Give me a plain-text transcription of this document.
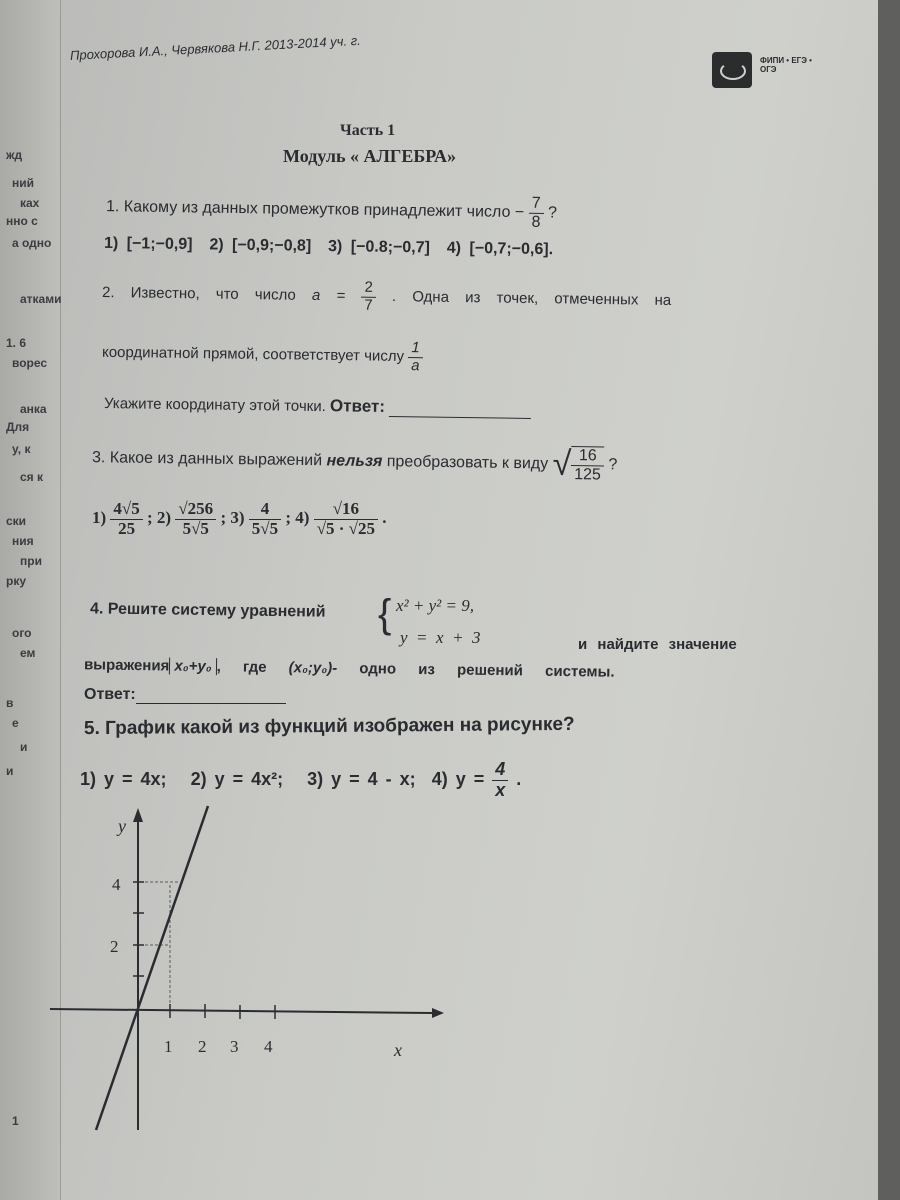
жд
ний
ках
нно с
а одно
атками
1. 6
ворес
анка
Для
у, к
ся к
ски
ния
при
рку
ого
ем
в
е
и
и
1
Прохорова И.А., Червякова Н.Г. 2013-2014 уч. г.	ФИПИ • ЕГЭ • ОГЭ
Часть 1
Модуль « АЛГЕБРА»
1. Какому из данных промежутков принадлежит число − $\frac{7}{8}$ ?
1) [−1;−0,9] 2) [−0,9;−0,8] 3) [−0.8;−0,7] 4) [−0,7;−0,6].
2. Известно, что число $a = \frac{2}{7}$ . Одна из точек, отмеченных на
координатной прямой, соответствует числу $\frac{1}{a}$
Укажите координату этой точки. Ответ:
3. Какое из данных выражений нельзя преобразовать к виду √ $\frac{16}{125}$ ?
$1) \frac{4√5}{25}$ ; $2) \frac{√256}{5√5}$ ; $3) \frac{4}{5√5}$ ; $4) \frac{√16}{√5 \cdot √25}$ .
4. Решите систему уравнений { x² + y² = 9,
y  =  x  +  3	и найдите значение
выражения x₀+y₀ , где (x₀;y₀)- одно из решений системы.
Ответ:
5. График какой из функций изображен на рисунке?
1) y = 4x; 2) y = 4x²; 3) y = 4 - x; 4) $y = \frac{4}{x}$ .
y
x
4
2
1 2 3 4
